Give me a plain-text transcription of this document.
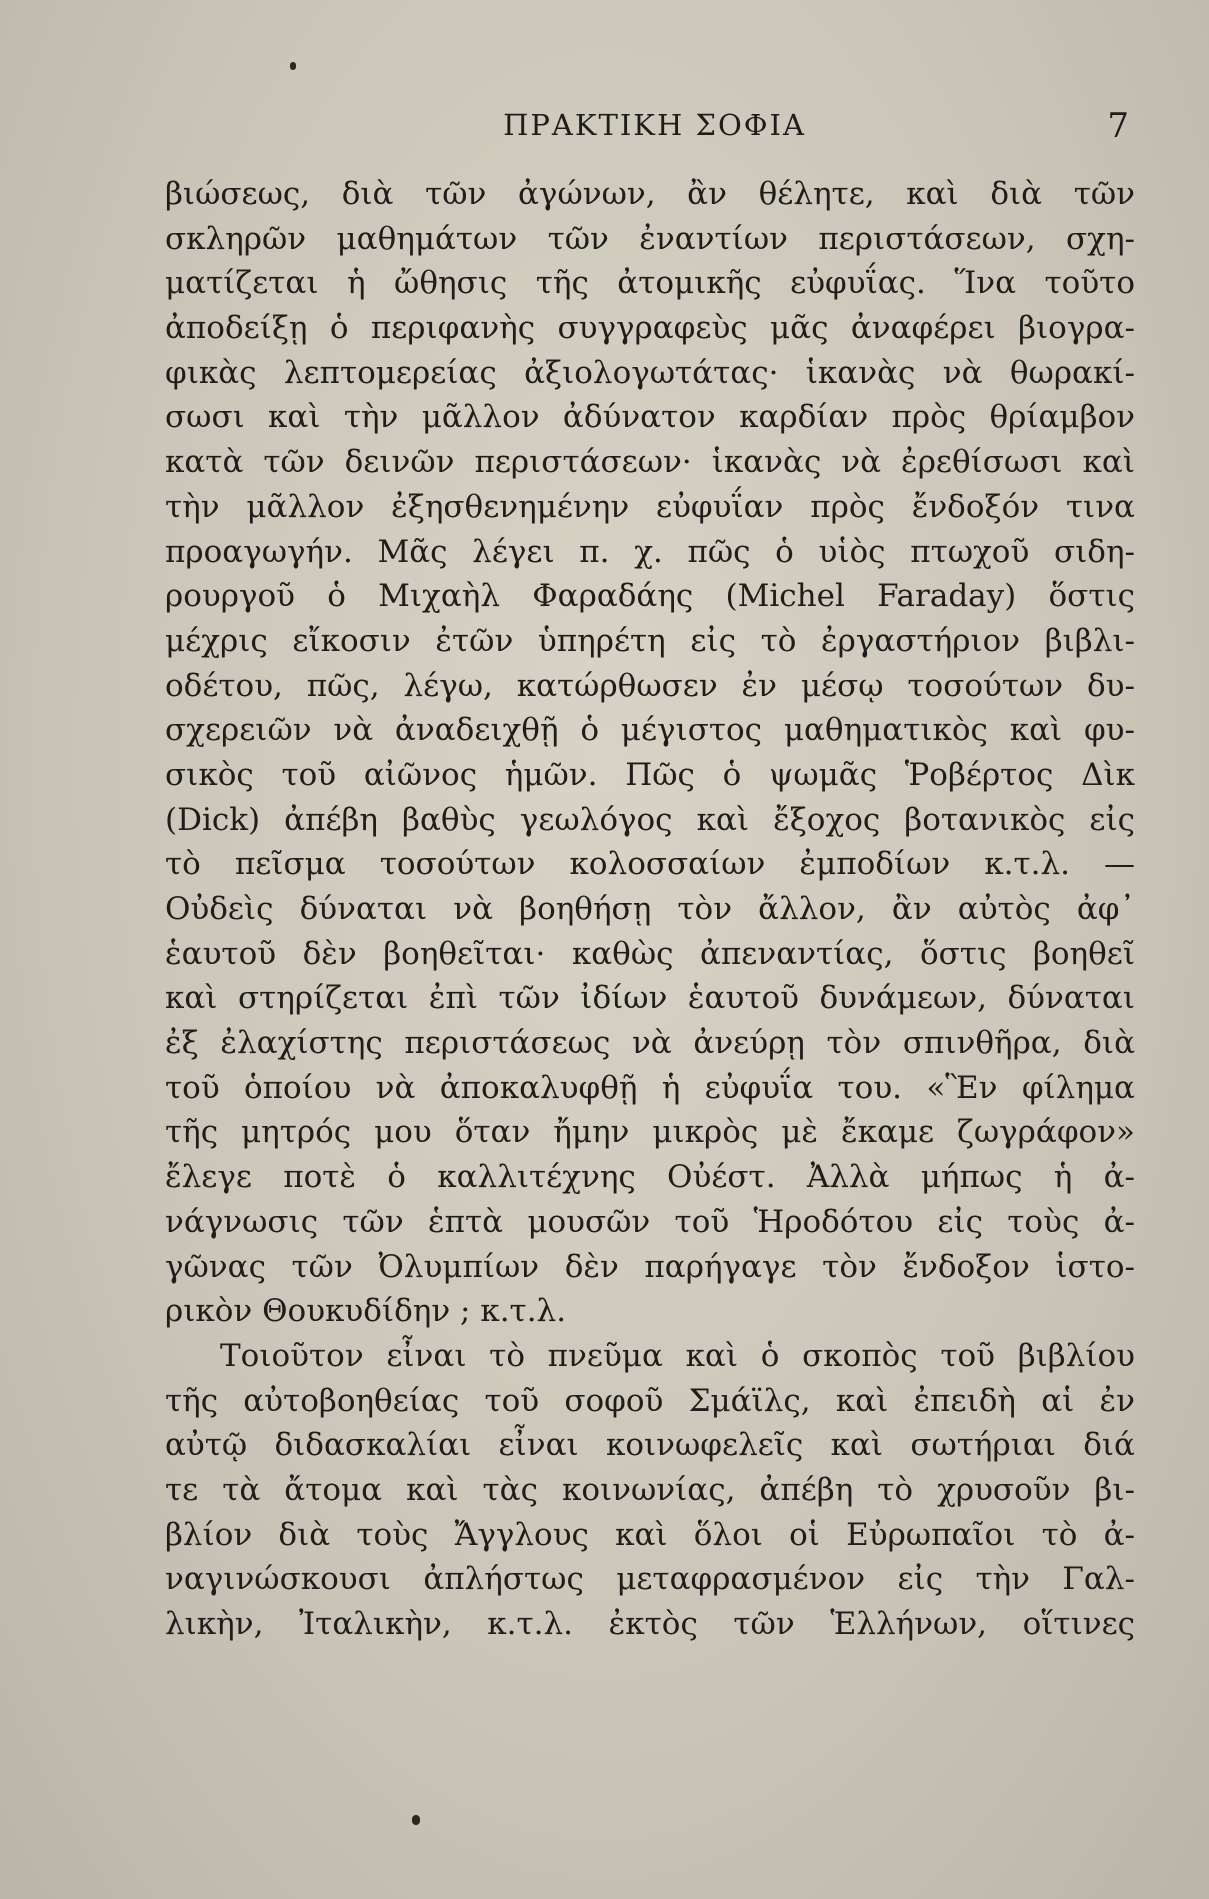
ΠΡΑΚΤΙΚΗ ΣΟΦΙΑ	7
βιώσεως, διὰ τῶν ἀγώνων, ἂν θέλητε, καὶ διὰ τῶν
σκληρῶν μαθημάτων τῶν ἐναντίων περιστάσεων, σχη-
ματίζεται ἡ ὤθησις τῆς ἀτομικῆς εὐφυΐας. Ἵνα τοῦτο
ἀποδείξῃ ὁ περιφανὴς συγγραφεὺς μᾶς ἀναφέρει βιογρα-
φικὰς λεπτομερείας ἀξιολογωτάτας· ἱκανὰς νὰ θωρακί-
σωσι καὶ τὴν μᾶλλον ἀδύνατον καρδίαν πρὸς θρίαμβον
κατὰ τῶν δεινῶν περιστάσεων· ἱκανὰς νὰ ἐρεθίσωσι καὶ
τὴν μᾶλλον ἐξησθενημένην εὐφυΐαν πρὸς ἔνδοξόν τινα
προαγωγήν. Μᾶς λέγει π. χ. πῶς ὁ υἱὸς πτωχοῦ σιδη-
ρουργοῦ ὁ Μιχαὴλ Φαραδάης (Michel Faraday) ὅστις
μέχρις εἴκοσιν ἐτῶν ὑπηρέτη εἰς τὸ ἐργαστήριον βιβλι-
οδέτου, πῶς, λέγω, κατώρθωσεν ἐν μέσῳ τοσούτων δυ-
σχερειῶν νὰ ἀναδειχθῇ ὁ μέγιστος μαθηματικὸς καὶ φυ-
σικὸς τοῦ αἰῶνος ἡμῶν. Πῶς ὁ ψωμᾶς Ῥοβέρτος Δὶκ
(Dick) ἀπέβη βαθὺς γεωλόγος καὶ ἔξοχος βοτανικὸς εἰς
τὸ πεῖσμα τοσούτων κολοσσαίων ἐμποδίων κ.τ.λ. —
Οὐδεὶς δύναται νὰ βοηθήσῃ τὸν ἄλλον, ἂν αὐτὸς ἀφ᾽
ἑαυτοῦ δὲν βοηθεῖται· καθὼς ἀπεναντίας, ὅστις βοηθεῖ
καὶ στηρίζεται ἐπὶ τῶν ἰδίων ἑαυτοῦ δυνάμεων, δύναται
ἐξ ἐλαχίστης περιστάσεως νὰ ἀνεύρῃ τὸν σπινθῆρα, διὰ
τοῦ ὁποίου νὰ ἀποκαλυφθῇ ἡ εὐφυΐα του. «Ἓν φίλημα
τῆς μητρός μου ὅταν ἤμην μικρὸς μὲ ἔκαμε ζωγράφον»
ἔλεγε ποτὲ ὁ καλλιτέχνης Οὐέστ. Ἀλλὰ μήπως ἡ ἀ-
νάγνωσις τῶν ἑπτὰ μουσῶν τοῦ Ἡροδότου εἰς τοὺς ἀ-
γῶνας τῶν Ὀλυμπίων δὲν παρήγαγε τὸν ἔνδοξον ἱστο-
ρικὸν Θουκυδίδην ; κ.τ.λ.
Τοιοῦτον εἶναι τὸ πνεῦμα καὶ ὁ σκοπὸς τοῦ βιβλίου
τῆς αὐτοβοηθείας τοῦ σοφοῦ Σμάϊλς, καὶ ἐπειδὴ αἱ ἐν
αὐτῷ διδασκαλίαι εἶναι κοινωφελεῖς καὶ σωτήριαι διά
τε τὰ ἄτομα καὶ τὰς κοινωνίας, ἀπέβη τὸ χρυσοῦν βι-
βλίον διὰ τοὺς Ἄγγλους καὶ ὅλοι οἱ Εὐρωπαῖοι τὸ ἀ-
ναγινώσκουσι ἀπλήστως μεταφρασμένον εἰς τὴν Γαλ-
λικὴν, Ἰταλικὴν, κ.τ.λ. ἐκτὸς τῶν Ἑλλήνων, οἵτινες
